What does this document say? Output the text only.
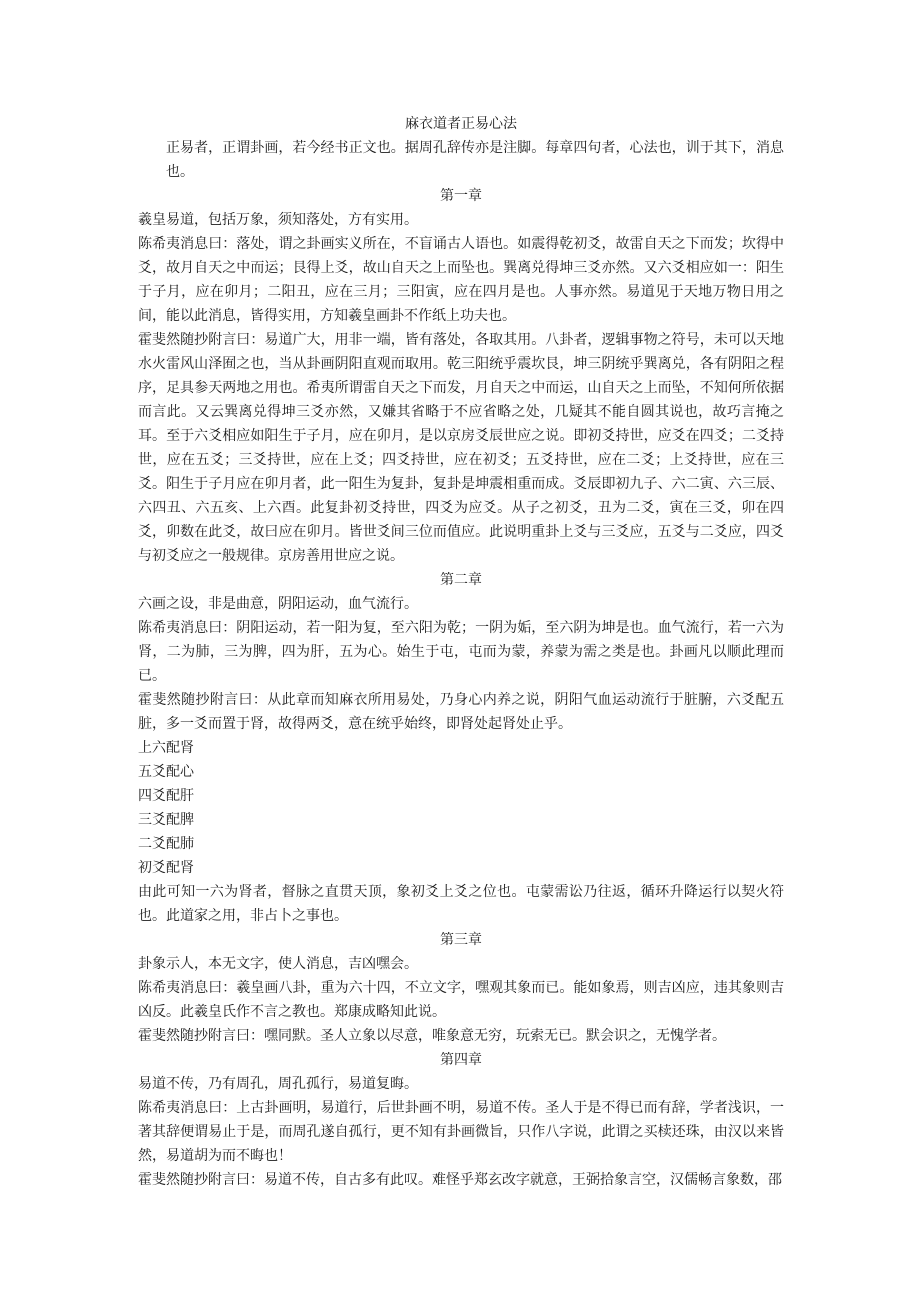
麻衣道者正易心法

正易者，正谓卦画，若今经书正文也。据周孔辞传亦是注脚。每章四句者，心法也，训于其下，消息也。

第一章

羲皇易道，包括万象，须知落处，方有实用。

陈希夷消息曰：落处，谓之卦画实义所在，不盲诵古人语也。如震得乾初爻，故雷自天之下而发；坎得中爻，故月自天之中而运；艮得上爻，故山自天之上而坠也。巽离兑得坤三爻亦然。又六爻相应如一：阳生于子月，应在卯月；二阳丑，应在三月；三阳寅，应在四月是也。人事亦然。易道见于天地万物日用之间，能以此消息，皆得实用，方知羲皇画卦不作纸上功夫也。

霍斐然随抄附言曰：易道广大，用非一端，皆有落处，各取其用。八卦者，逻辑事物之符号，未可以天地水火雷风山泽囿之也，当从卦画阴阳直观而取用。乾三阳统乎震坎艮，坤三阴统乎巽离兑，各有阴阳之程序，足具参天两地之用也。希夷所谓雷自天之下而发，月自天之中而运，山自天之上而坠，不知何所依据而言此。又云巽离兑得坤三爻亦然，又嫌其省略于不应省略之处，几疑其不能自圆其说也，故巧言掩之耳。至于六爻相应如阳生于子月，应在卯月，是以京房爻辰世应之说。即初爻持世，应爻在四爻；二爻持世，应在五爻；三爻持世，应在上爻；四爻持世，应在初爻；五爻持世，应在二爻；上爻持世，应在三爻。阳生于子月应在卯月者，此一阳生为复卦，复卦是坤震相重而成。爻辰即初九子、六二寅、六三辰、六四丑、六五亥、上六酉。此复卦初爻持世，四爻为应爻。从子之初爻，丑为二爻，寅在三爻，卯在四爻，卯数在此爻，故曰应在卯月。皆世爻间三位而值应。此说明重卦上爻与三爻应，五爻与二爻应，四爻与初爻应之一般规律。京房善用世应之说。

第二章

六画之设，非是曲意，阴阳运动，血气流行。

陈希夷消息曰：阴阳运动，若一阳为复，至六阳为乾；一阴为姤，至六阴为坤是也。血气流行，若一六为肾，二为肺，三为脾，四为肝，五为心。始生于屯，屯而为蒙，养蒙为需之类是也。卦画凡以顺此理而已。

霍斐然随抄附言曰：从此章而知麻衣所用易处，乃身心内养之说，阴阳气血运动流行于脏腑，六爻配五脏，多一爻而置于肾，故得两爻，意在统乎始终，即肾处起肾处止乎。

上六配肾

五爻配心

四爻配肝

三爻配脾

二爻配肺

初爻配肾

由此可知一六为肾者，督脉之直贯天顶，象初爻上爻之位也。屯蒙需讼乃往返，循环升降运行以契火符也。此道家之用，非占卜之事也。

第三章

卦象示人，本无文字，使人消息，吉凶嘿会。

陈希夷消息曰：羲皇画八卦，重为六十四，不立文字，嘿观其象而已。能如象焉，则吉凶应，违其象则吉凶反。此羲皇氏作不言之教也。郑康成略知此说。

霍斐然随抄附言曰：嘿同默。圣人立象以尽意，唯象意无穷，玩索无已。默会识之，无愧学者。

第四章

易道不传，乃有周孔，周孔孤行，易道复晦。

陈希夷消息曰：上古卦画明，易道行，后世卦画不明，易道不传。圣人于是不得已而有辞，学者浅识，一著其辞便谓易止于是，而周孔遂自孤行，更不知有卦画微旨，只作八字说，此谓之买椟还珠，由汉以来皆然，易道胡为而不晦也！

霍斐然随抄附言曰：易道不传，自古多有此叹。难怪乎郑玄改字就意，王弼拾象言空，汉儒畅言象数，邵
